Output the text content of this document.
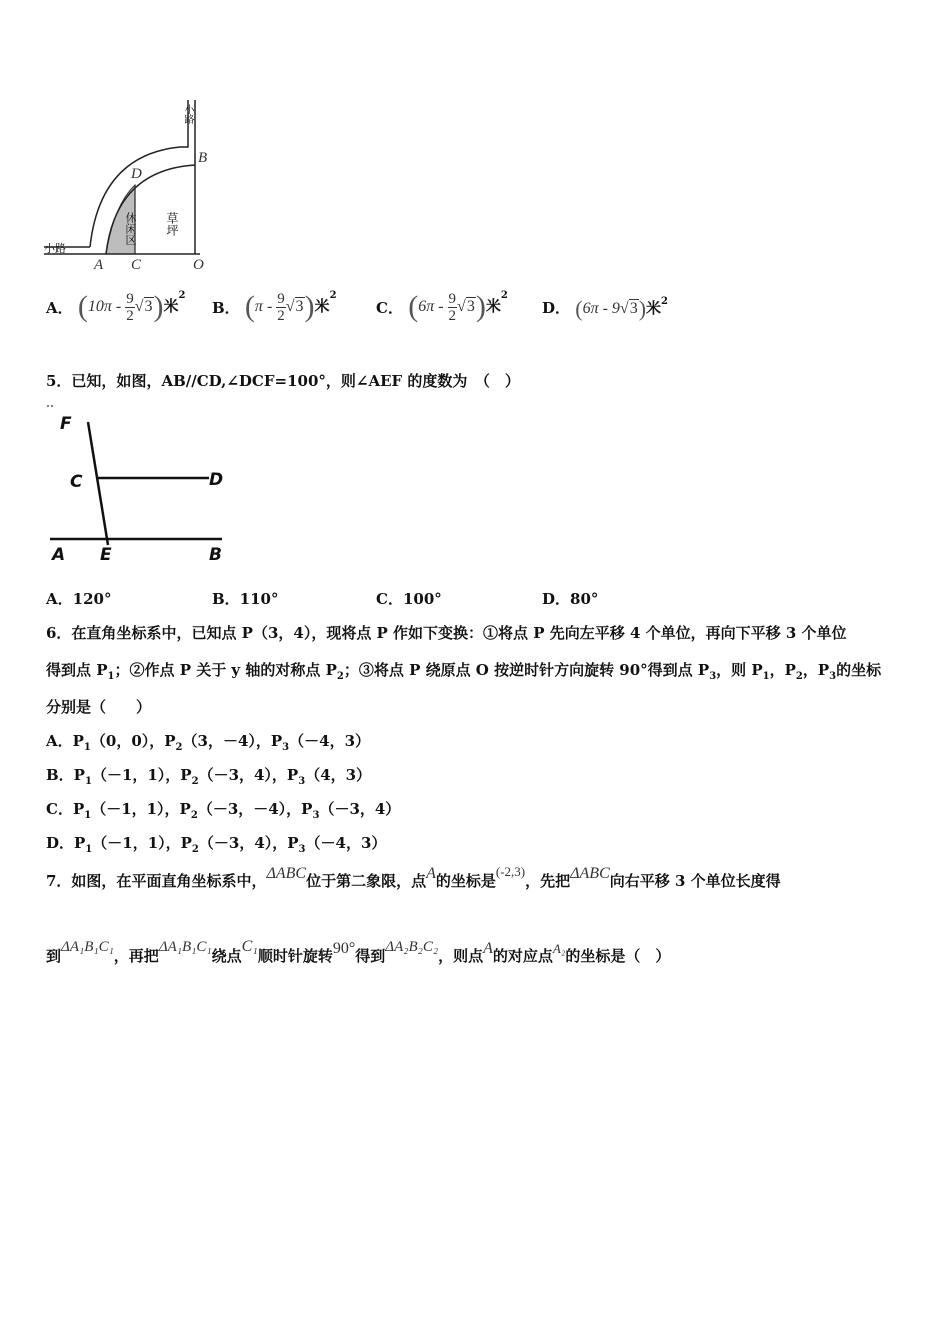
小路
小路
休闲区 草坪
B
D
A C	O
A． $(10\pi - \frac{9}{2} √3)$米$^2$
B． $(\pi - \frac{9}{2} √3)$米$^2$
C． $(6\pi - \frac{9}{2} √3)$米$^2$
D． (6π - 9√3)米$^2$
5．已知，如图，AB//CD,∠DCF=100°，则∠AEF 的度数为　（　）
F
C	D
A E	B
A．120°	B．110°	C．100°	D．80°
6．在直角坐标系中，已知点 P（3，4），现将点 P 作如下变换：①将点 P 先向左平移 4 个单位，再向下平移 3 个单位
得到点 $P_1$；②作点 P 关于 y 轴的对称点 $P_2$；③将点 P 绕原点 O 按逆时针方向旋转 90°得到点 $P_3$，则 $P_1$，$P_2$，$P_3$的坐标
分别是（　　）
A．$P_1(0$，0），$P_2(3$，－4），$P_3(-4$，3）
B．$P_1(-1$，1），$P_2(-3$，4），$P_3(4$，3）
C．$P_1(-1$，1），$P_2(-3$，－4），$P_3(-3$，4）
D．$P_1(-1$，1），$P_2(-3$，4），$P_3(-4$，3）
7．如图，在平面直角坐标系中，ΔABC位于第二象限，点A的坐标是(-2,3)，先把ΔABC向右平移 3 个单位长度得
到ΔA₁B₁C₁，再把ΔA₁B₁C₁绕点C₁顺时针旋转90°得到ΔA₂B₂C₂，则点A的对应点A₂的坐标是（　）
